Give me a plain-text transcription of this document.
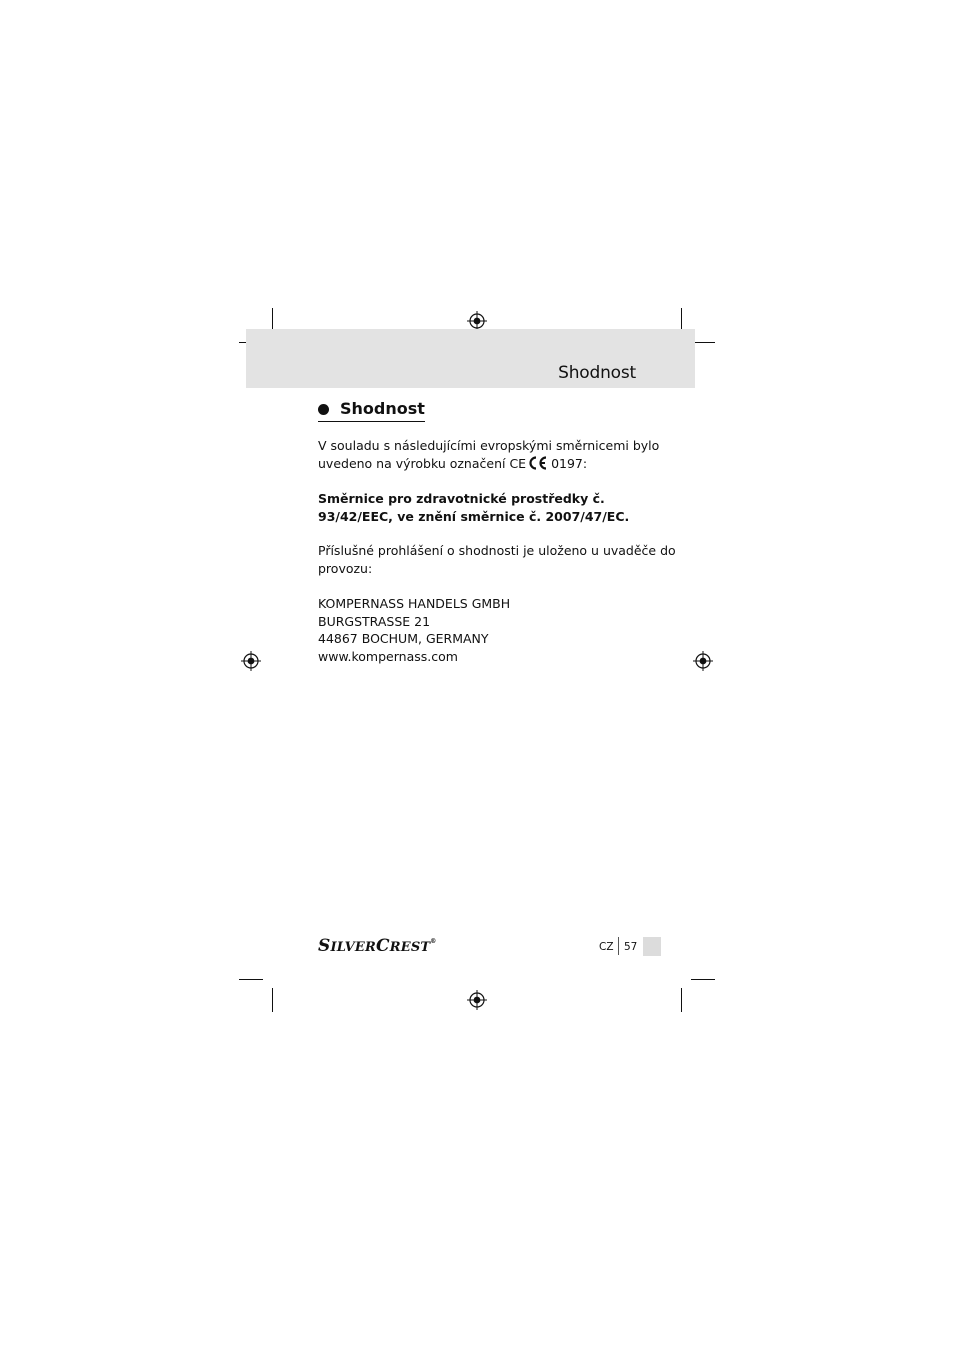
Shodnost
Shodnost
V souladu s následujícími evropskými směrnicemi bylo
uvedeno na výrobku označení CE 0197:
Směrnice pro zdravotnické prostředky č.
93/42/EEC, ve znění směrnice č. 2007/47/EC.
Příslušné prohlášení o shodnosti je uloženo u uvaděče do
provozu:
KOMPERNASS HANDELS GMBH
BURGSTRASSE 21
44867 BOCHUM, GERMANY
www.kompernass.com
SILVERCREST®	CZ 57
